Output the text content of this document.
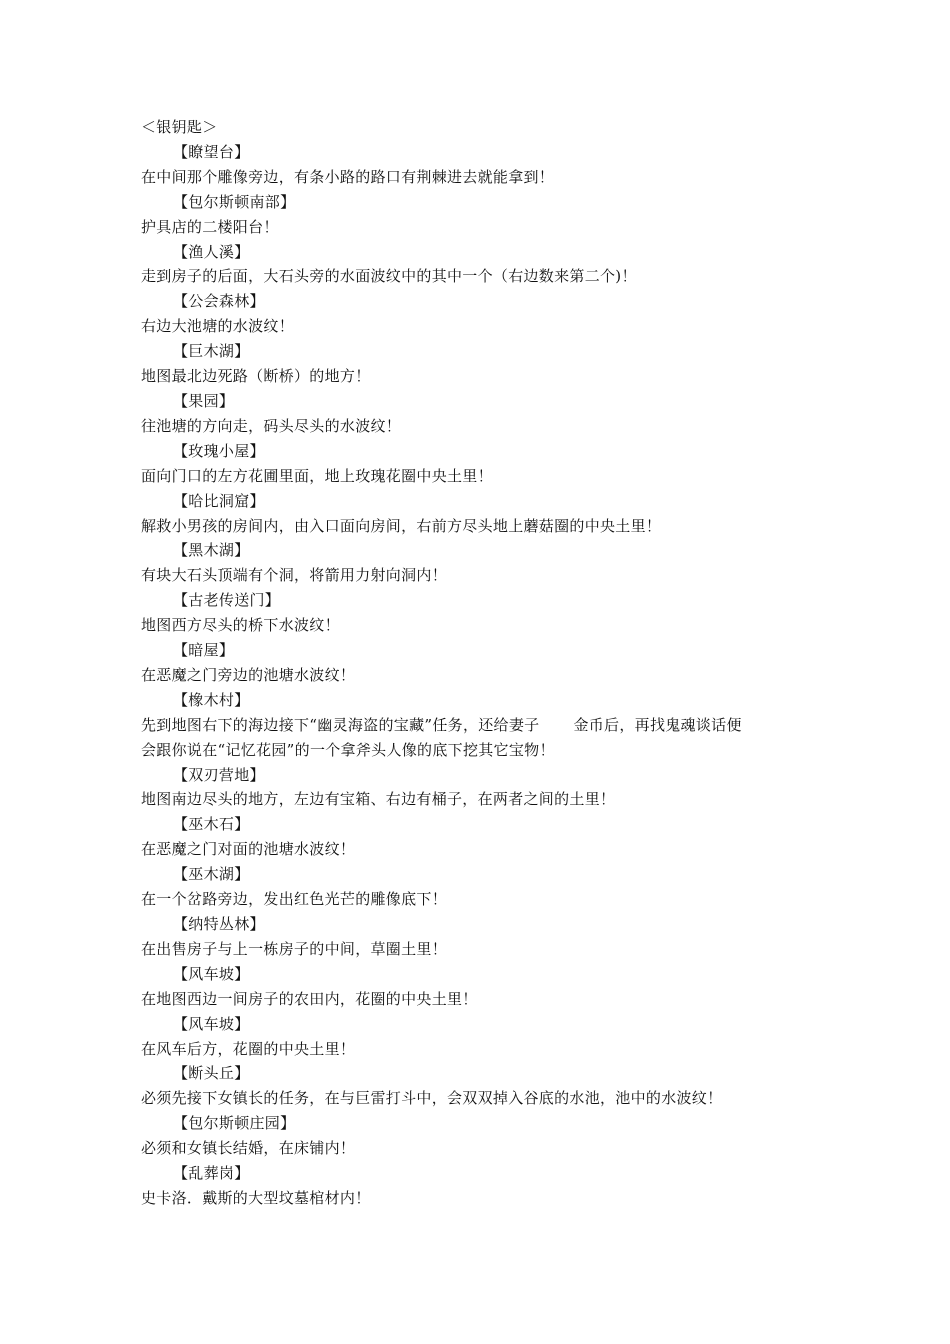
＜银钥匙＞
【瞭望台】
在中间那个雕像旁边，有条小路的路口有荆棘进去就能拿到！
【包尔斯顿南部】
护具店的二楼阳台！
【渔人溪】
走到房子的后面，大石头旁的水面波纹中的其中一个（右边数来第二个)！
【公会森林】
右边大池塘的水波纹！
【巨木湖】
地图最北边死路（断桥）的地方！
【果园】
往池塘的方向走，码头尽头的水波纹！
【玫瑰小屋】
面向门口的左方花圃里面，地上玫瑰花圈中央土里！
【哈比洞窟】
解救小男孩的房间内，由入口面向房间，右前方尽头地上蘑菇圈的中央土里！
【黑木湖】
有块大石头顶端有个洞，将箭用力射向洞内！
【古老传送门】
地图西方尽头的桥下水波纹！
【暗屋】
在恶魔之门旁边的池塘水波纹！
【橡木村】
先到地图右下的海边接下“幽灵海盗的宝藏”任务，还给妻子 金币后，再找鬼魂谈话便
会跟你说在“记忆花园”的一个拿斧头人像的底下挖其它宝物！
【双刃营地】
地图南边尽头的地方，左边有宝箱、右边有桶子，在两者之间的土里！
【巫木石】
在恶魔之门对面的池塘水波纹！
【巫木湖】
在一个岔路旁边，发出红色光芒的雕像底下！
【纳特丛林】
在出售房子与上一栋房子的中间，草圈土里！
【风车坡】
在地图西边一间房子的农田内，花圈的中央土里！
【风车坡】
在风车后方，花圈的中央土里！
【断头丘】
必须先接下女镇长的任务，在与巨雷打斗中，会双双掉入谷底的水池，池中的水波纹！
【包尔斯顿庄园】
必须和女镇长结婚，在床铺内！
【乱葬岗】
史卡洛．戴斯的大型坟墓棺材内！
